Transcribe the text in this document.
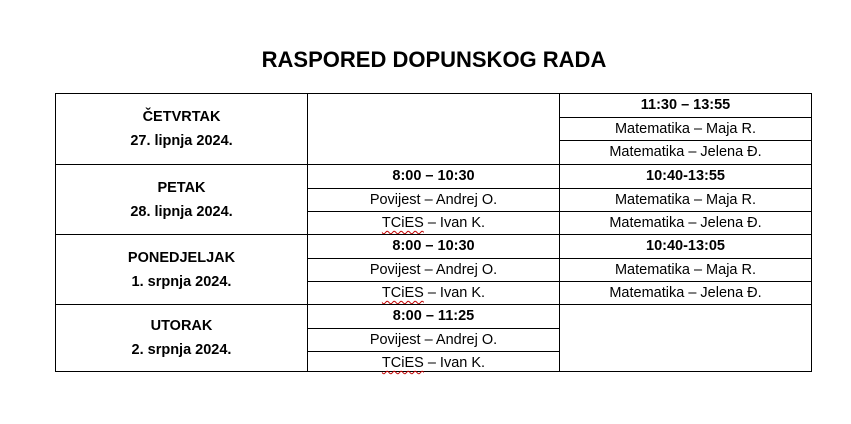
RASPORED DOPUNSKOG RADA
ČETVRTAK
27. lipnja 2024.
11:30 – 13:55
Matematika – Maja R.
Matematika – Jelena Đ.
PETAK
28. lipnja 2024.
8:00 – 10:30
Povijest – Andrej O.
TCiES – Ivan K.
10:40-13:55
Matematika – Maja R.
Matematika – Jelena Đ.
PONEDJELJAK
1. srpnja 2024.
8:00 – 10:30
Povijest – Andrej O.
TCiES – Ivan K.
10:40-13:05
Matematika – Maja R.
Matematika – Jelena Đ.
UTORAK
2. srpnja 2024.
8:00 – 11:25
Povijest – Andrej O.
TCiES – Ivan K.
